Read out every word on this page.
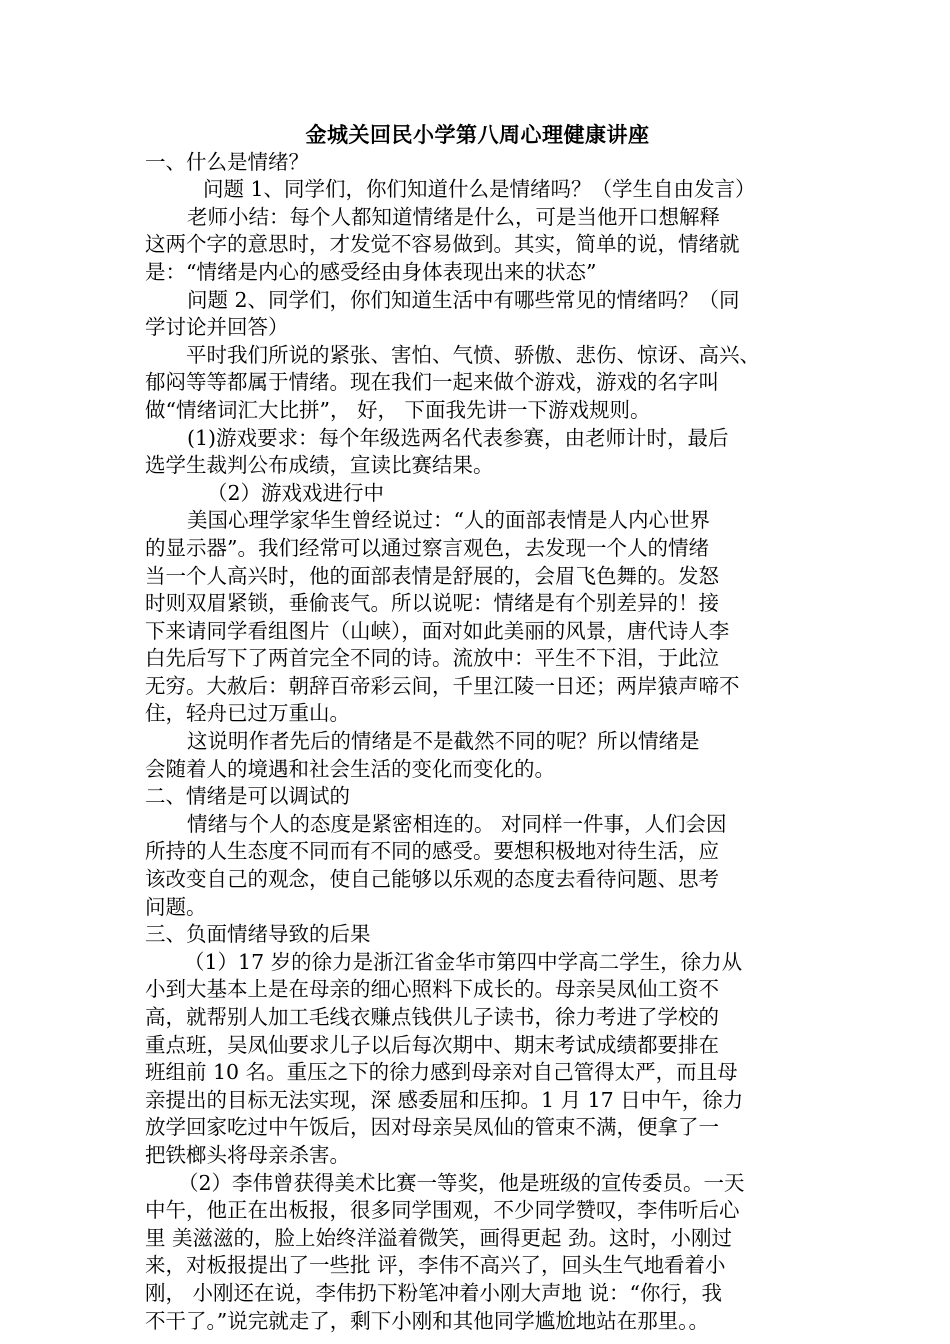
金城关回民小学第八周心理健康讲座
一、什么是情绪？
问题 1、同学们，你们知道什么是情绪吗？（学生自由发言）
老师小结：每个人都知道情绪是什么，可是当他开口想解释
这两个字的意思时，才发觉不容易做到。其实，简单的说，情绪就
是：“情绪是内心的感受经由身体表现出来的状态”
问题 2、同学们，你们知道生活中有哪些常见的情绪吗？（同
学讨论并回答）
平时我们所说的紧张、害怕、气愤、骄傲、悲伤、惊讶、高兴、
郁闷等等都属于情绪。现在我们一起来做个游戏，游戏的名字叫
做“情绪词汇大比拼”， 好， 下面我先讲一下游戏规则。
(1)游戏要求：每个年级选两名代表参赛，由老师计时，最后
选学生裁判公布成绩，宣读比赛结果。
（2）游戏戏进行中
美国心理学家华生曾经说过：“人的面部表情是人内心世界
的显示器”。我们经常可以通过察言观色，去发现一个人的情绪
当一个人高兴时，他的面部表情是舒展的，会眉飞色舞的。发怒
时则双眉紧锁，垂偷丧气。所以说呢：情绪是有个别差异的！接
下来请同学看组图片（山峡），面对如此美丽的风景，唐代诗人李
白先后写下了两首完全不同的诗。流放中：平生不下泪，于此泣
无穷。大赦后：朝辞百帝彩云间，千里江陵一日还；两岸猿声啼不
住，轻舟已过万重山。
这说明作者先后的情绪是不是截然不同的呢？所以情绪是
会随着人的境遇和社会生活的变化而变化的。
二、情绪是可以调试的
情绪与个人的态度是紧密相连的。 对同样一件事，人们会因
所持的人生态度不同而有不同的感受。要想积极地对待生活，应
该改变自己的观念，使自己能够以乐观的态度去看待问题、思考
问题。
三、负面情绪导致的后果
（1）17 岁的徐力是浙江省金华市第四中学高二学生，徐力从
小到大基本上是在母亲的细心照料下成长的。母亲吴凤仙工资不
高，就帮别人加工毛线衣赚点钱供儿子读书，徐力考进了学校的
重点班，吴凤仙要求儿子以后每次期中、期末考试成绩都要排在
班组前 10 名。重压之下的徐力感到母亲对自己管得太严，而且母
亲提出的目标无法实现，深 感委屈和压抑。1 月 17 日中午，徐力
放学回家吃过中午饭后，因对母亲吴凤仙的管束不满，便拿了一
把铁榔头将母亲杀害。
（2）李伟曾获得美术比赛一等奖，他是班级的宣传委员。一天
中午，他正在出板报，很多同学围观，不少同学赞叹，李伟听后心
里 美滋滋的，脸上始终洋溢着微笑，画得更起 劲。这时，小刚过
来，对板报提出了一些批 评，李伟不高兴了，回头生气地看着小
刚， 小刚还在说，李伟扔下粉笔冲着小刚大声地 说：“你行，我
不干了。”说完就走了，剩下小刚和其他同学尴尬地站在那里。。
